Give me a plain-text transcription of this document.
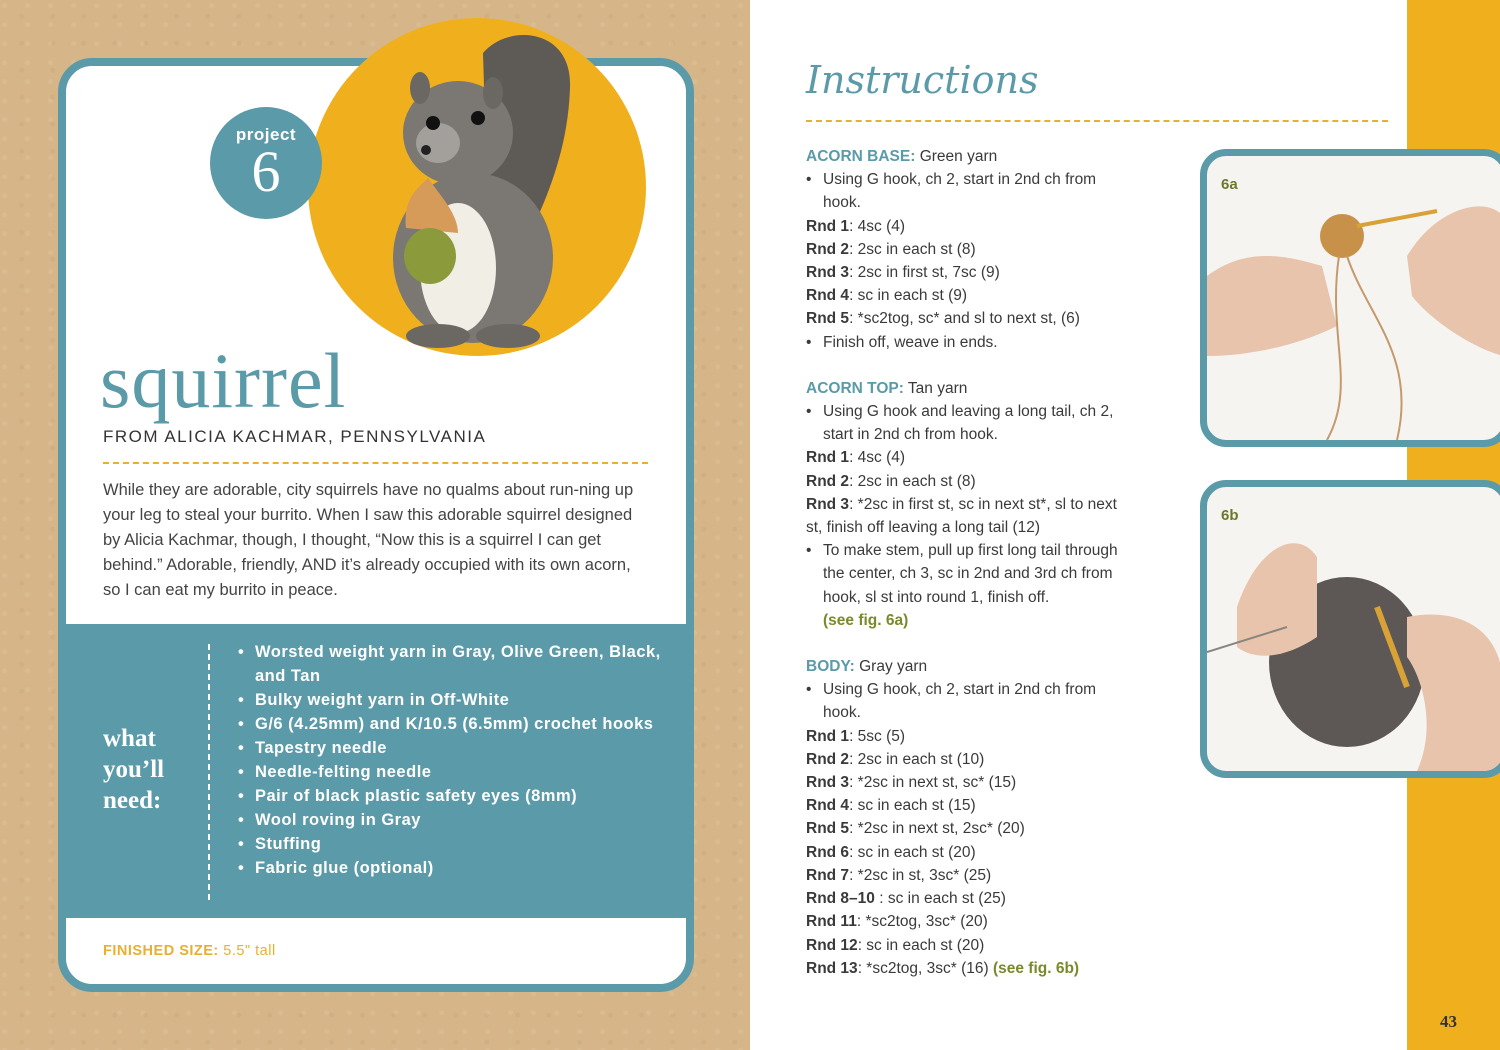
project
6
squirrel
FROM ALICIA KACHMAR, PENNSYLVANIA

While they are adorable, city squirrels have no qualms about run-ning up your leg to steal your burrito. When I saw this adorable squirrel designed by Alicia Kachmar, though, I thought, “Now this is a squirrel I can get behind.” Adorable, friendly, AND it’s already occupied with its own acorn, so I can eat my burrito in peace.

what
you’ll
need:
• Worsted weight yarn in Gray, Olive Green, Black, and Tan
• Bulky weight yarn in Off-White
• G/6 (4.25mm) and K/10.5 (6.5mm) crochet hooks
• Tapestry needle
• Needle-felting needle
• Pair of black plastic safety eyes (8mm)
• Wool roving in Gray
• Stuffing
• Fabric glue (optional)
FINISHED SIZE: 5.5" tall
Instructions

ACORN BASE: Green yarn

• Using G hook, ch 2, start in 2nd ch from
hook.

Rnd 1: 4sc (4)

Rnd 2: 2sc in each st (8)

Rnd 3: 2sc in first st, 7sc (9)

Rnd 4: sc in each st (9)

Rnd 5: *sc2tog, sc* and sl to next st, (6)

• Finish off, weave in ends.

ACORN TOP: Tan yarn

• Using G hook and leaving a long tail, ch 2,
start in 2nd ch from hook.

Rnd 1: 4sc (4)

Rnd 2: 2sc in each st (8)

Rnd 3: *2sc in first st, sc in next st*, sl to next

st, finish off leaving a long tail (12)

• To make stem, pull up first long tail through
the center, ch 3, sc in 2nd and 3rd ch from
hook, sl st into round 1, finish off.

(see fig. 6a)

BODY: Gray yarn

• Using G hook, ch 2, start in 2nd ch from
hook.

Rnd 1: 5sc (5)

Rnd 2: 2sc in each st (10)

Rnd 3: *2sc in next st, sc* (15)

Rnd 4: sc in each st (15)

Rnd 5: *2sc in next st, 2sc* (20)

Rnd 6: sc in each st (20)

Rnd 7: *2sc in st, 3sc* (25)

Rnd 8–10 : sc in each st (25)

Rnd 11: *sc2tog, 3sc* (20)

Rnd 12: sc in each st (20)

Rnd 13: *sc2tog, 3sc* (16) (see fig. 6b)

6a
6b
43
